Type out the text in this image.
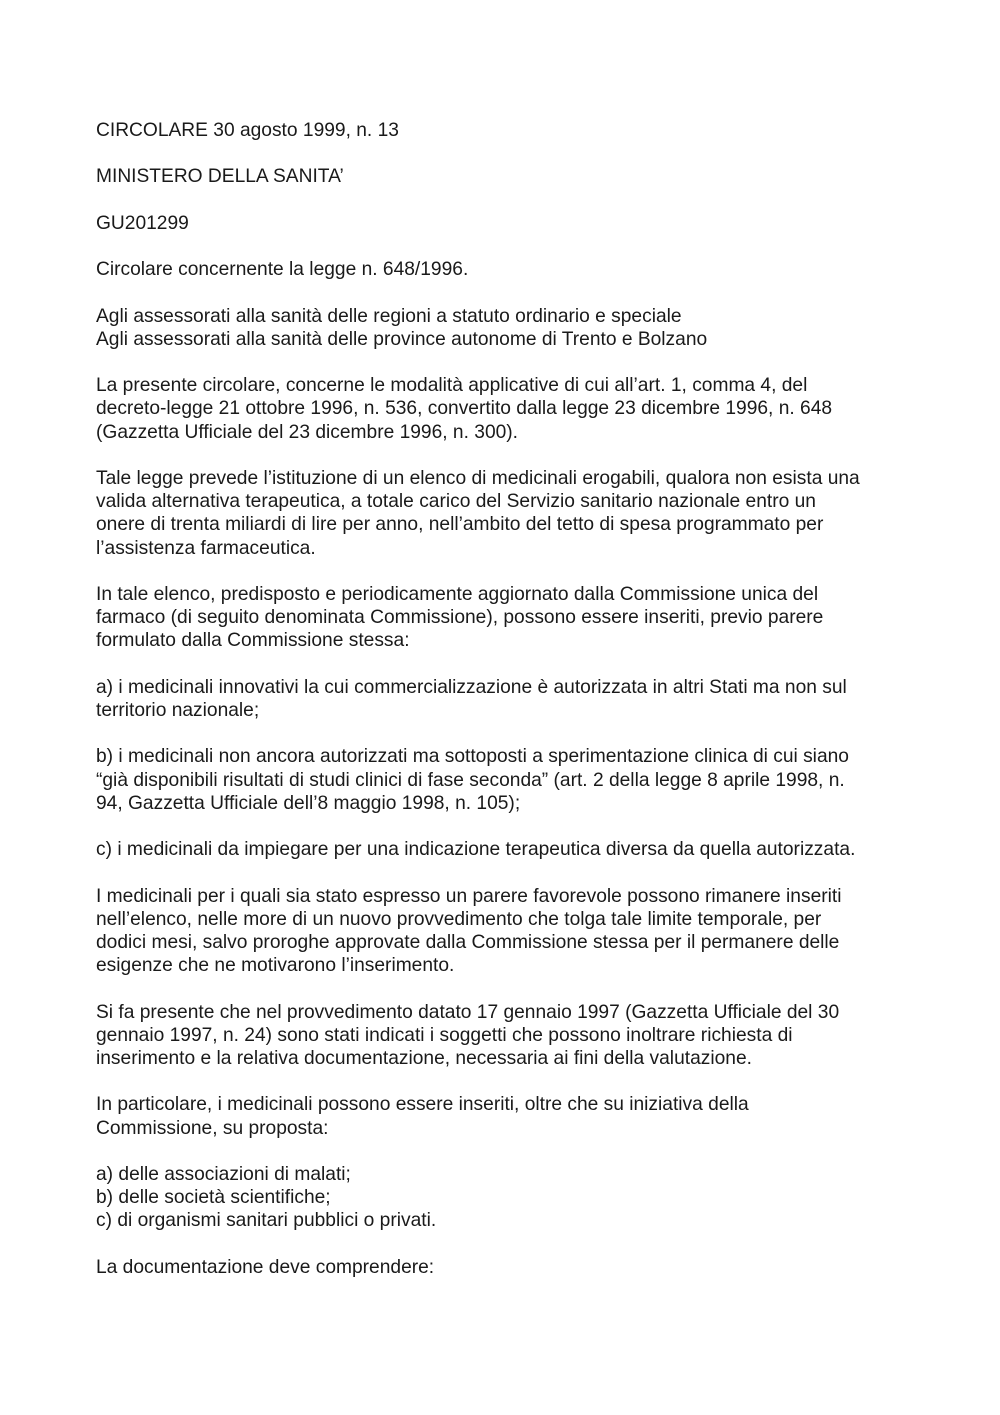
CIRCOLARE 30 agosto 1999, n. 13
MINISTERO DELLA SANITA’
GU201299
Circolare concernente la legge n. 648/1996.
Agli assessorati alla sanità delle regioni a statuto ordinario e speciale
Agli assessorati alla sanità delle province autonome di Trento e Bolzano
La presente circolare, concerne le modalità applicative di cui all’art. 1, comma 4, del
decreto-legge 21 ottobre 1996, n. 536, convertito dalla legge 23 dicembre 1996, n. 648
(Gazzetta Ufficiale del 23 dicembre 1996, n. 300).
Tale legge prevede l’istituzione di un elenco di medicinali erogabili, qualora non esista una
valida alternativa terapeutica, a totale carico del Servizio sanitario nazionale entro un
onere di trenta miliardi di lire per anno, nell’ambito del tetto di spesa programmato per
l’assistenza farmaceutica.
In tale elenco, predisposto e periodicamente aggiornato dalla Commissione unica del
farmaco (di seguito denominata Commissione), possono essere inseriti, previo parere
formulato dalla Commissione stessa:
a) i medicinali innovativi la cui commercializzazione è autorizzata in altri Stati ma non sul
territorio nazionale;
b) i medicinali non ancora autorizzati ma sottoposti a sperimentazione clinica di cui siano
“già disponibili risultati di studi clinici di fase seconda” (art. 2 della legge 8 aprile 1998, n.
94, Gazzetta Ufficiale dell’8 maggio 1998, n. 105);
c) i medicinali da impiegare per una indicazione terapeutica diversa da quella autorizzata.
I medicinali per i quali sia stato espresso un parere favorevole possono rimanere inseriti
nell’elenco, nelle more di un nuovo provvedimento che tolga tale limite temporale, per
dodici mesi, salvo proroghe approvate dalla Commissione stessa per il permanere delle
esigenze che ne motivarono l’inserimento.
Si fa presente che nel provvedimento datato 17 gennaio 1997 (Gazzetta Ufficiale del 30
gennaio 1997, n. 24) sono stati indicati i soggetti che possono inoltrare richiesta di
inserimento e la relativa documentazione, necessaria ai fini della valutazione.
In particolare, i medicinali possono essere inseriti, oltre che su iniziativa della
Commissione, su proposta:
a) delle associazioni di malati;
b) delle società scientifiche;
c) di organismi sanitari pubblici o privati.
La documentazione deve comprendere:
